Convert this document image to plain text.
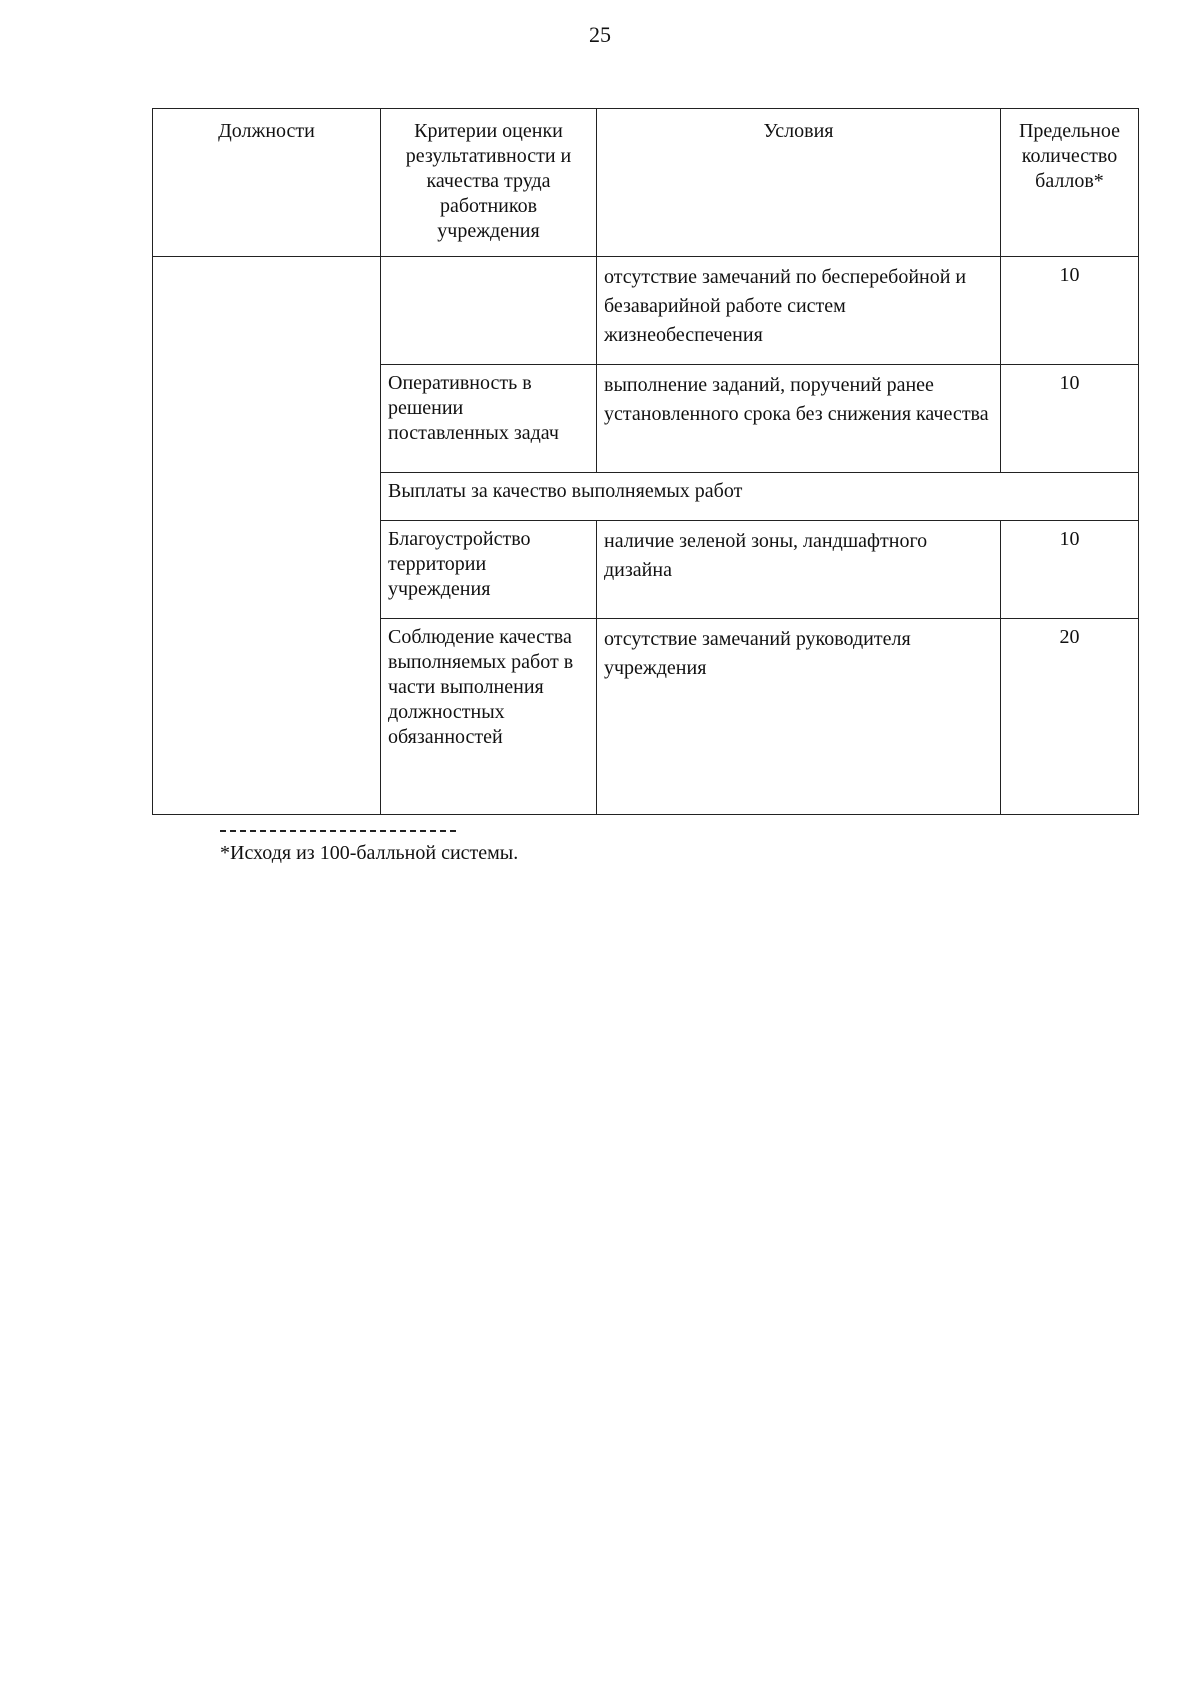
25
Должности	Критерии оценки результативности и качества труда работников учреждения	Условия	Предельное количество баллов*
		отсутствие замечаний по бесперебойной и безаварийной работе систем жизнеобеспечения	10
	Оперативность в решении поставленных задач	выполнение заданий, поручений ранее установленного срока без снижения качества	10
	Выплаты за качество выполняемых работ		
	Благоустройство территории учреждения	наличие зеленой зоны, ландшафтного дизайна	10
	Соблюдение качества выполняемых работ в части выполнения должностных обязанностей	отсутствие замечаний руководителя учреждения	20
*Исходя из 100-балльной системы.
